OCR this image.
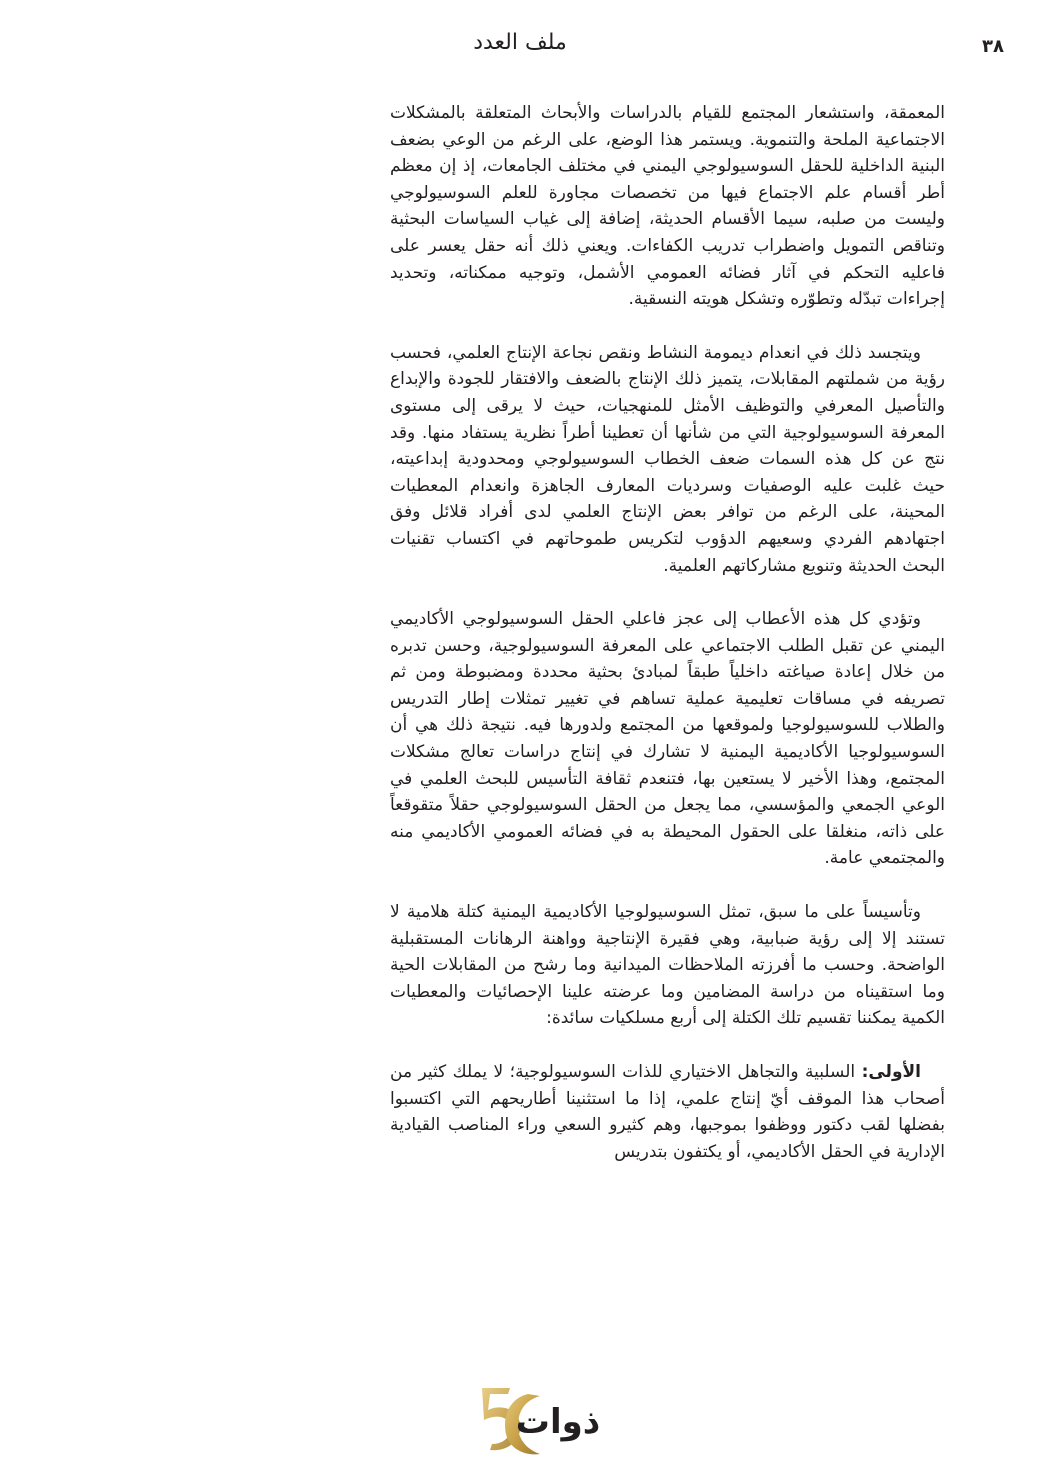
ملف العدد	٣٨

المعمقة، واستشعار المجتمع للقيام بالدراسات والأبحاث المتعلقة بالمشكلات الاجتماعية الملحة والتنموية. ويستمر هذا الوضع، على الرغم من الوعي بضعف البنية الداخلية للحقل السوسيولوجي اليمني في مختلف الجامعات، إذ إن معظم أطر أقسام علم الاجتماع فيها من تخصصات مجاورة للعلم السوسيولوجي وليست من صلبه، سيما الأقسام الحديثة، إضافة إلى غياب السياسات البحثية وتناقص التمويل واضطراب تدريب الكفاءات. ويعني ذلك أنه حقل يعسر على فاعليه التحكم في آثار فضائه العمومي الأشمل، وتوجيه ممكناته، وتحديد إجراءات تبدّله وتطوّره وتشكل هويته النسقية.

ويتجسد ذلك في انعدام ديمومة النشاط ونقص نجاعة الإنتاج العلمي، فحسب رؤية من شملتهم المقابلات، يتميز ذلك الإنتاج بالضعف والافتقار للجودة والإبداع والتأصيل المعرفي والتوظيف الأمثل للمنهجيات، حيث لا يرقى إلى مستوى المعرفة السوسيولوجية التي من شأنها أن تعطينا أطراً نظرية يستفاد منها. وقد نتج عن كل هذه السمات ضعف الخطاب السوسيولوجي ومحدودية إبداعيته، حيث غلبت عليه الوصفيات وسرديات المعارف الجاهزة وانعدام المعطيات المحينة، على الرغم من توافر بعض الإنتاج العلمي لدى أفراد قلائل وفق اجتهادهم الفردي وسعيهم الدؤوب لتكريس طموحاتهم في اكتساب تقنيات البحث الحديثة وتنويع مشاركاتهم العلمية.

وتؤدي كل هذه الأعطاب إلى عجز فاعلي الحقل السوسيولوجي الأكاديمي اليمني عن تقبل الطلب الاجتماعي على المعرفة السوسيولوجية، وحسن تدبره من خلال إعادة صياغته داخلياً طبقاً لمبادئ بحثية محددة ومضبوطة ومن ثم تصريفه في مساقات تعليمية عملية تساهم في تغيير تمثلات إطار التدريس والطلاب للسوسيولوجيا ولموقعها من المجتمع ولدورها فيه. نتيجة ذلك هي أن السوسيولوجيا الأكاديمية اليمنية لا تشارك في إنتاج دراسات تعالج مشكلات المجتمع، وهذا الأخير لا يستعين بها، فتنعدم ثقافة التأسيس للبحث العلمي في الوعي الجمعي والمؤسسي، مما يجعل من الحقل السوسيولوجي حقلاً متقوقعاً على ذاته، منغلقا على الحقول المحيطة به في فضائه العمومي الأكاديمي منه والمجتمعي عامة.

وتأسيساً على ما سبق، تمثل السوسيولوجيا الأكاديمية اليمنية كتلة هلامية لا تستند إلا إلى رؤية ضبابية، وهي فقيرة الإنتاجية وواهنة الرهانات المستقبلية الواضحة. وحسب ما أفرزته الملاحظات الميدانية وما رشح من المقابلات الحية وما استقيناه من دراسة المضامين وما عرضته علينا الإحصائيات والمعطيات الكمية يمكننا تقسيم تلك الكتلة إلى أربع مسلكيات سائدة:

الأولى: السلبية والتجاهل الاختياري للذات السوسيولوجية؛ لا يملك كثير من أصحاب هذا الموقف أيّ إنتاج علمي، إذا ما استثنينا أطاريحهم التي اكتسبوا بفضلها لقب دكتور ووظفوا بموجبها، وهم كثيرو السعي وراء المناصب القيادية الإدارية في الحقل الأكاديمي، أو يكتفون بتدريس

ذوات
